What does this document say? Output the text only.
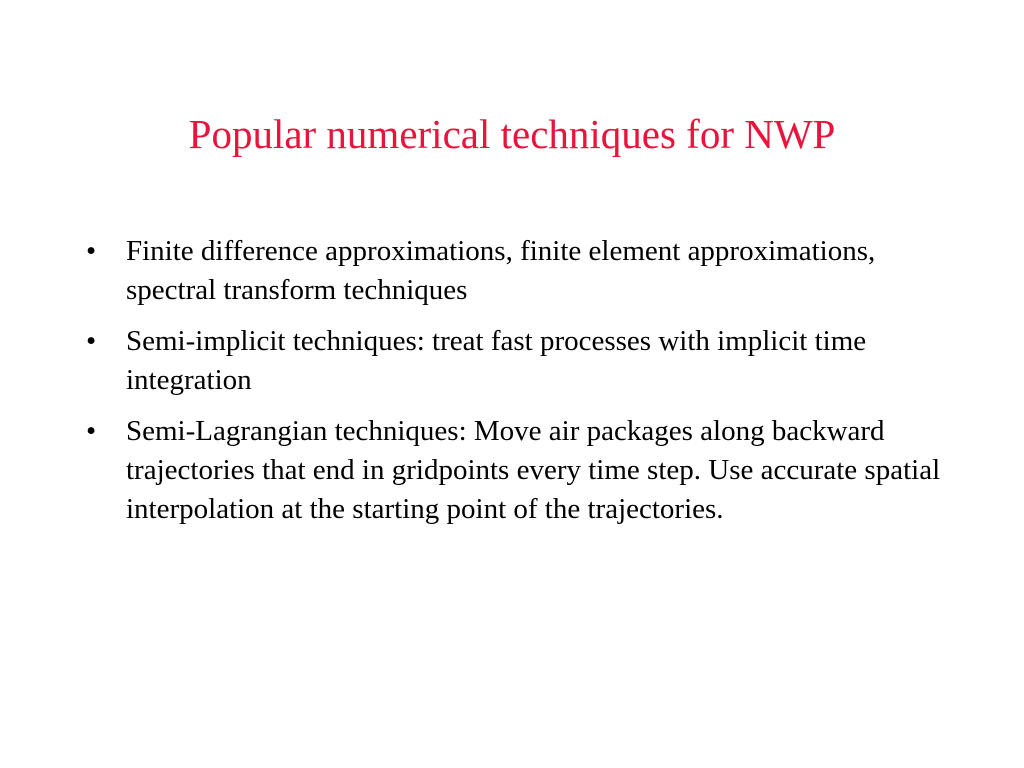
Popular numerical techniques for NWP
•	Finite difference approximations, finite element approximations, spectral transform techniques
•	Semi-implicit techniques: treat fast processes with implicit time integration
•	Semi-Lagrangian techniques: Move air packages along backward trajectories that end in gridpoints every time step. Use accurate spatial interpolation at the starting point of the trajectories.
